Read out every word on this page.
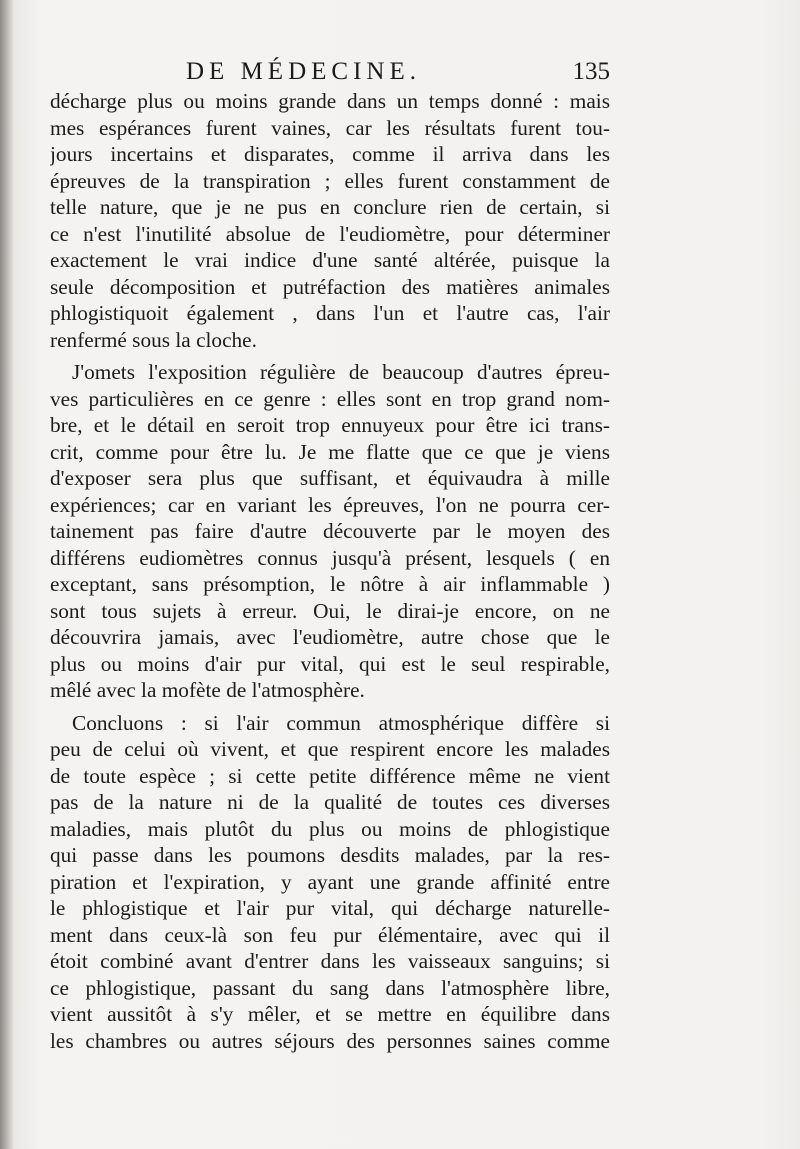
DE MÉDECINE.	135
décharge plus ou moins grande dans un temps donné : mais
mes espérances furent vaines, car les résultats furent tou-
jours incertains et disparates, comme il arriva dans les
épreuves de la transpiration ; elles furent constamment de
telle nature, que je ne pus en conclure rien de certain, si
ce n'est l'inutilité absolue de l'eudiomètre, pour déterminer
exactement le vrai indice d'une santé altérée, puisque la
seule décomposition et putréfaction des matières animales
phlogistiquoit également , dans l'un et l'autre cas, l'air
renfermé sous la cloche.
J'omets l'exposition régulière de beaucoup d'autres épreu-
ves particulières en ce genre : elles sont en trop grand nom-
bre, et le détail en seroit trop ennuyeux pour être ici trans-
crit, comme pour être lu. Je me flatte que ce que je viens
d'exposer sera plus que suffisant, et équivaudra à mille
expériences; car en variant les épreuves, l'on ne pourra cer-
tainement pas faire d'autre découverte par le moyen des
différens eudiomètres connus jusqu'à présent, lesquels ( en
exceptant, sans présomption, le nôtre à air inflammable )
sont tous sujets à erreur. Oui, le dirai-je encore, on ne
découvrira jamais, avec l'eudiomètre, autre chose que le
plus ou moins d'air pur vital, qui est le seul respirable,
mêlé avec la mofète de l'atmosphère.
Concluons : si l'air commun atmosphérique diffère si
peu de celui où vivent, et que respirent encore les malades
de toute espèce ; si cette petite différence même ne vient
pas de la nature ni de la qualité de toutes ces diverses
maladies, mais plutôt du plus ou moins de phlogistique
qui passe dans les poumons desdits malades, par la res-
piration et l'expiration, y ayant une grande affinité entre
le phlogistique et l'air pur vital, qui décharge naturelle-
ment dans ceux-là son feu pur élémentaire, avec qui il
étoit combiné avant d'entrer dans les vaisseaux sanguins; si
ce phlogistique, passant du sang dans l'atmosphère libre,
vient aussitôt à s'y mêler, et se mettre en équilibre dans
les chambres ou autres séjours des personnes saines comme
